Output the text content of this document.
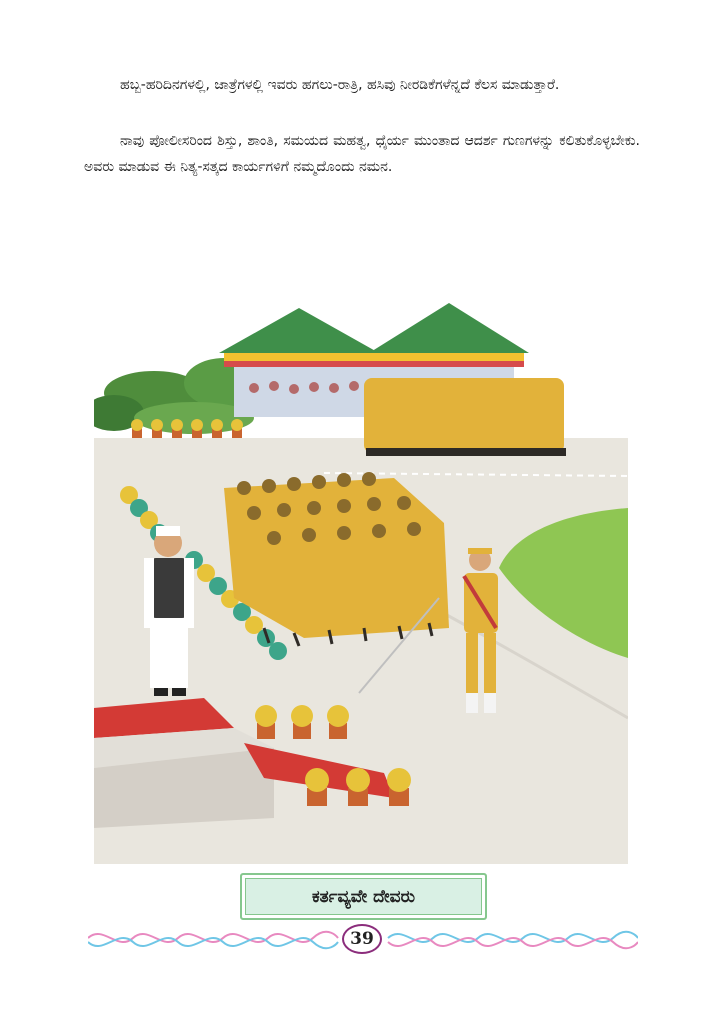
ಹಬ್ಬ-ಹರಿದಿನಗಳಲ್ಲಿ, ಜಾತ್ರೆಗಳಲ್ಲಿ ಇವರು ಹಗಲು-ರಾತ್ರಿ, ಹಸಿವು ನೀರಡಿಕೆಗಳೆನ್ನದೆ ಕೆಲಸ ಮಾಡುತ್ತಾರೆ.

ನಾವು ಪೋಲೀಸರಿಂದ ಶಿಸ್ತು, ಶಾಂತಿ, ಸಮಯದ ಮಹತ್ವ, ಧೈರ್ಯ ಮುಂತಾದ ಆದರ್ಶ ಗುಣಗಳನ್ನು ಕಲಿತುಕೊಳ್ಳಬೇಕು. ಅವರು ಮಾಡುವ ಈ ನಿತ್ಯ-ಸತ್ಕದ ಕಾರ್ಯಗಳಿಗೆ ನಮ್ಮದೊಂದು ನಮನ.

ಕರ್ತವ್ಯವೇ ದೇವರು
39
